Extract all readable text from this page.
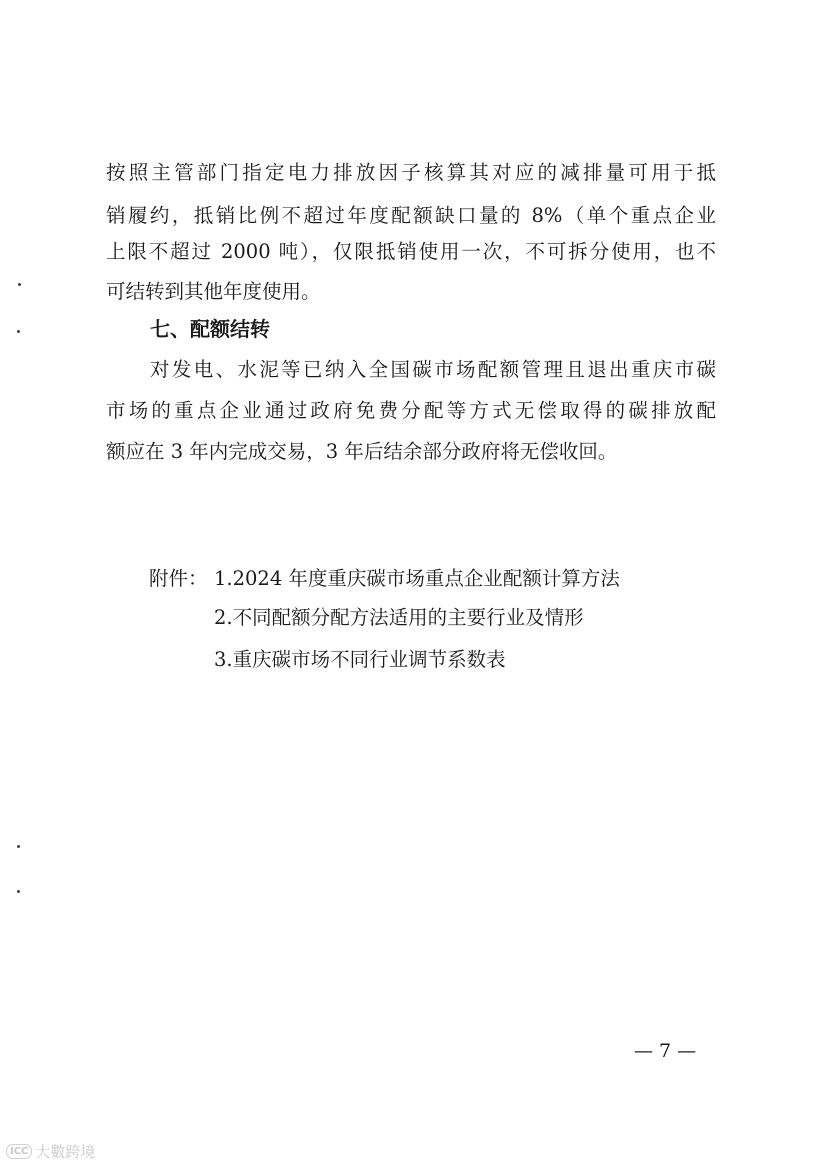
按照主管部门指定电力排放因子核算其对应的减排量可用于抵
销履约，抵销比例不超过年度配额缺口量的 8%（单个重点企业
上限不超过 2000 吨），仅限抵销使用一次，不可拆分使用，也不
可结转到其他年度使用。
七、配额结转
对发电、水泥等已纳入全国碳市场配额管理且退出重庆市碳
市场的重点企业通过政府免费分配等方式无偿取得的碳排放配
额应在 3 年内完成交易，3 年后结余部分政府将无偿收回。
附件： 1.2024 年度重庆碳市场重点企业配额计算方法
2.不同配额分配方法适用的主要行业及情形
3.重庆碳市场不同行业调节系数表
— 7 —
ICC 大數跨境
